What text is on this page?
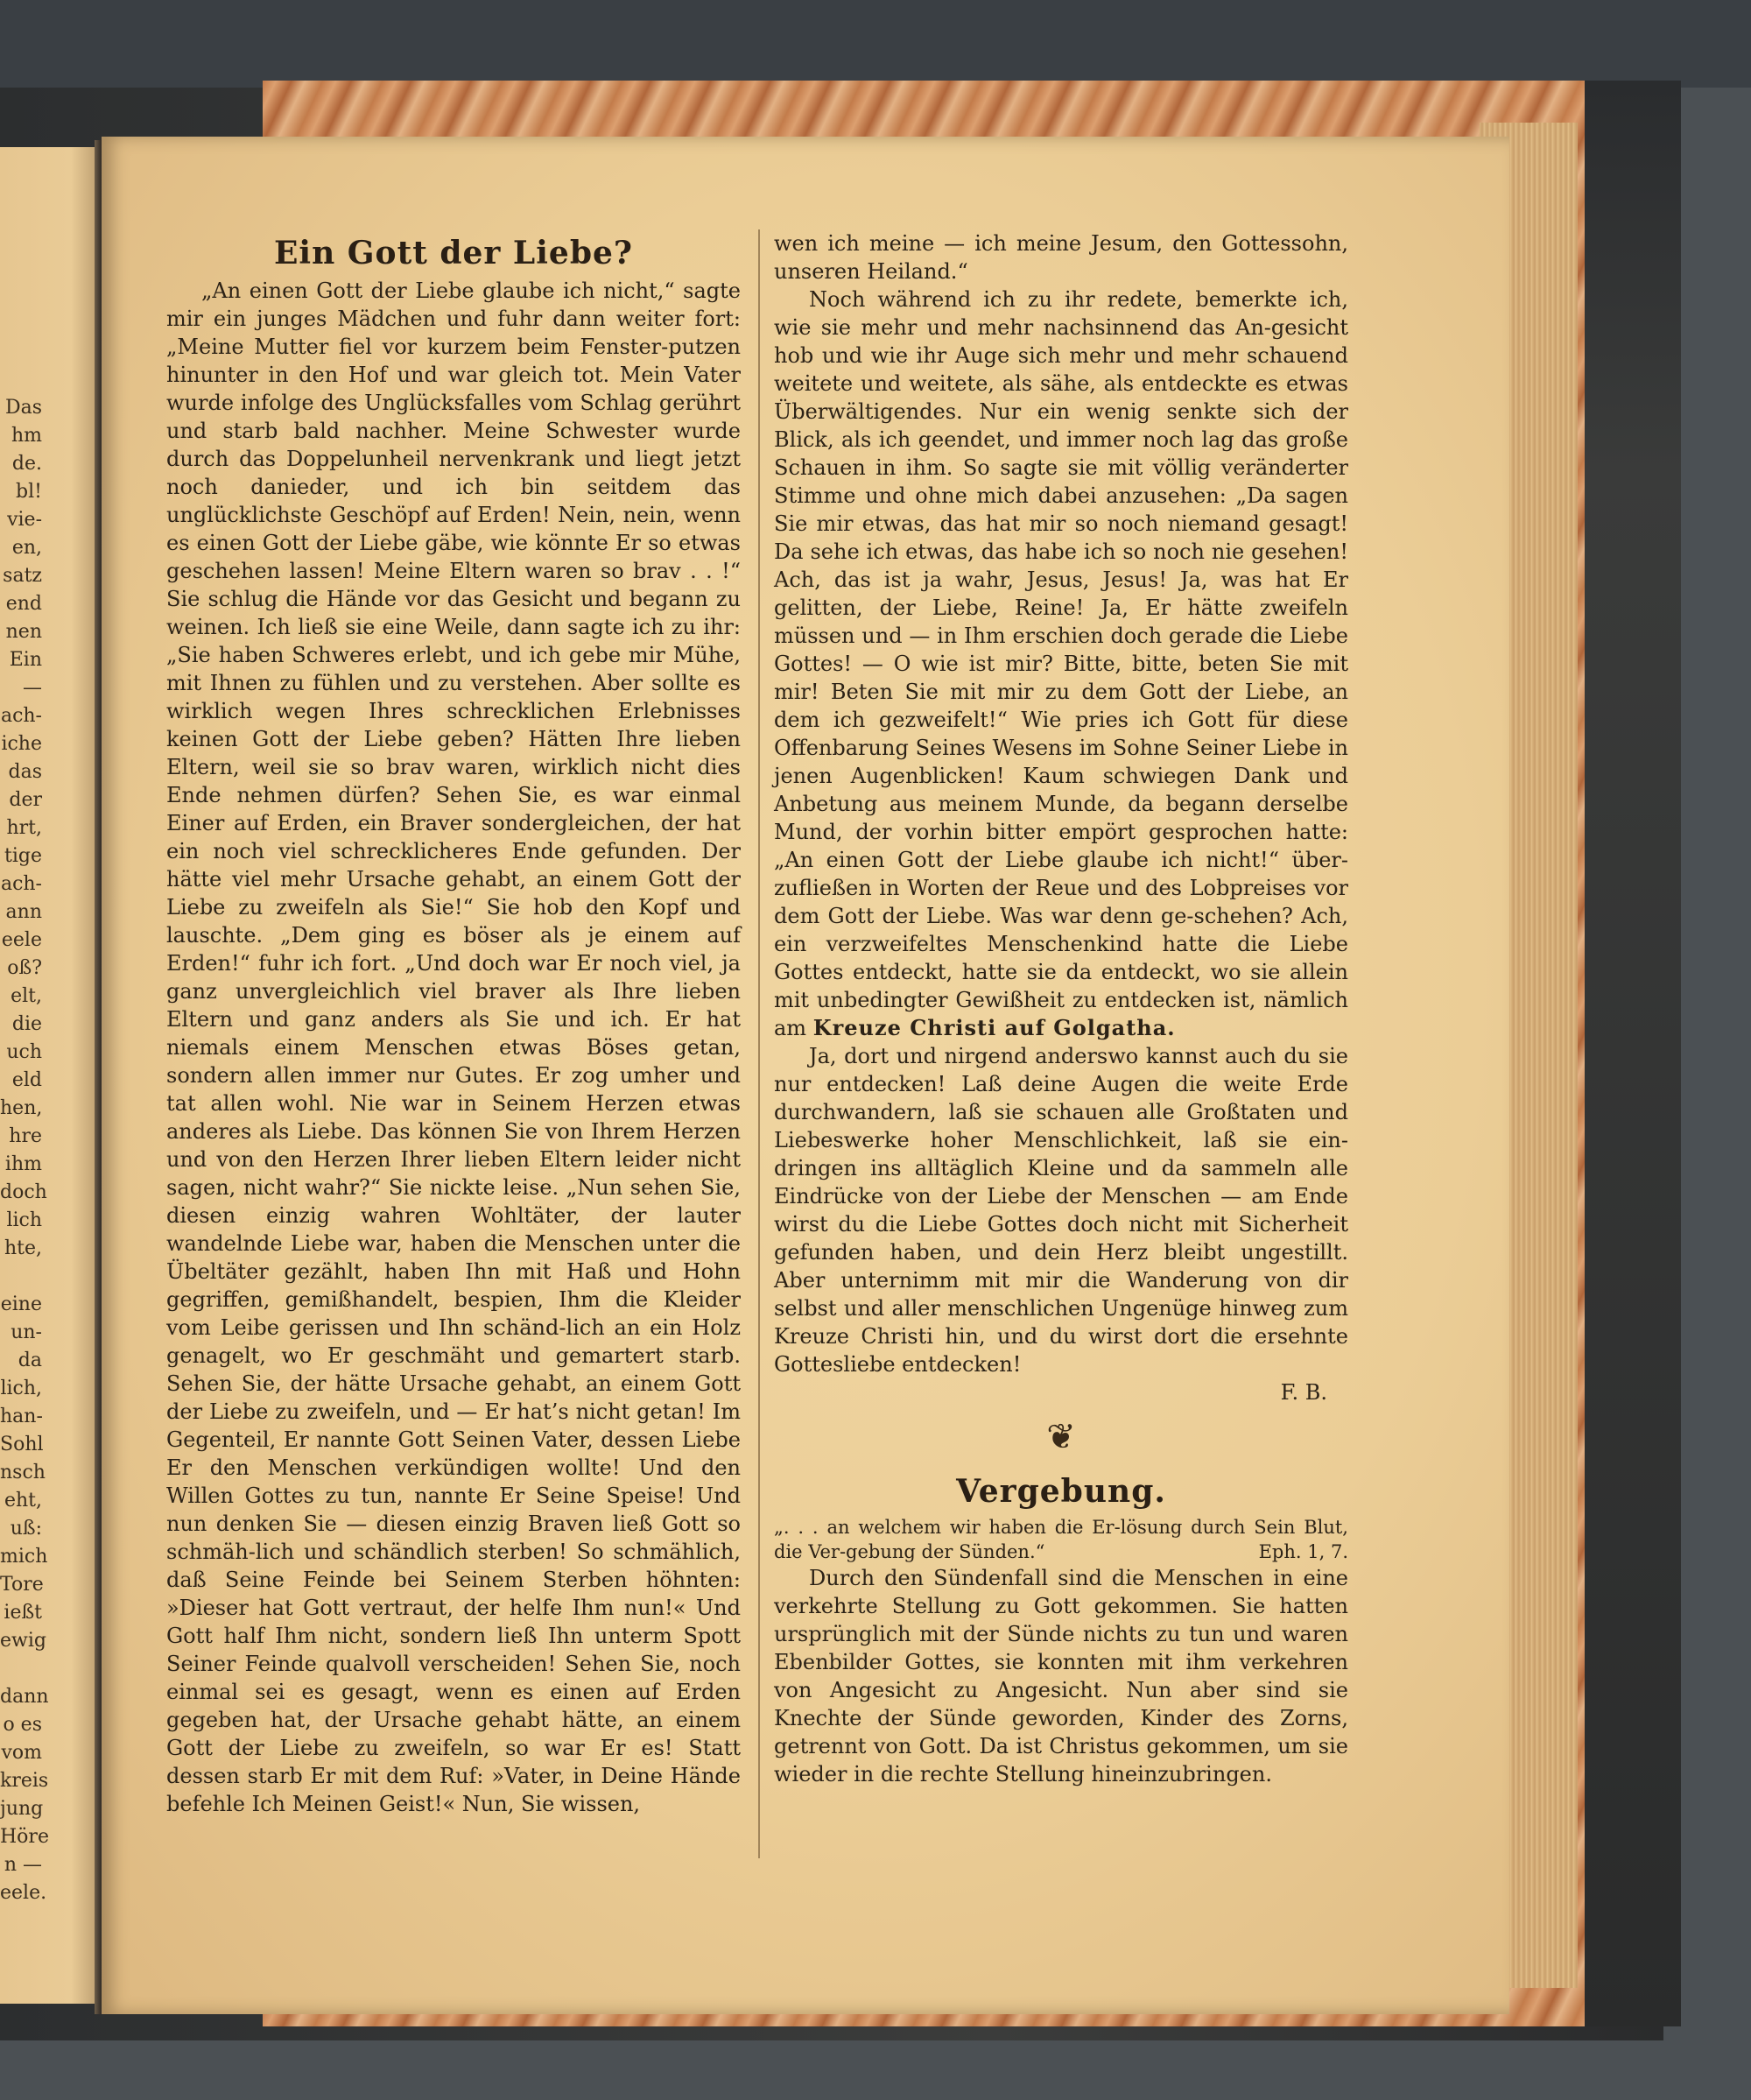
Das
hm
de.
bl!
vie-
en,
satz
end
nen
Ein
—
ach-
iche
das
der
hrt,
tige
ach-
ann
eele
oß?
elt,
die
uch
eld
hen,
hre
ihm
doch
lich
hte,
eine
un-
da
lich,
han-
Sohl
nsch
eht,
uß:
mich
Tore
ießt
ewig
dann
o es
vom
kreis
jung
Höre
n —
eele.
Ein Gott der Liebe?

„An einen Gott der Liebe glaube ich nicht,“ sagte mir ein junges Mädchen und fuhr dann weiter fort: „Meine Mutter fiel vor kurzem beim Fenster-putzen hinunter in den Hof und war gleich tot. Mein Vater wurde infolge des Unglücksfalles vom Schlag gerührt und starb bald nachher. Meine Schwester wurde durch das Doppelunheil nervenkrank und liegt jetzt noch danieder, und ich bin seitdem das unglücklichste Geschöpf auf Erden! Nein, nein, wenn es einen Gott der Liebe gäbe, wie könnte Er so etwas geschehen lassen! Meine Eltern waren so brav . . !“ Sie schlug die Hände vor das Gesicht und begann zu weinen. Ich ließ sie eine Weile, dann sagte ich zu ihr: „Sie haben Schweres erlebt, und ich gebe mir Mühe, mit Ihnen zu fühlen und zu verstehen. Aber sollte es wirklich wegen Ihres schrecklichen Erlebnisses keinen Gott der Liebe geben? Hätten Ihre lieben Eltern, weil sie so brav waren, wirklich nicht dies Ende nehmen dürfen? Sehen Sie, es war einmal Einer auf Erden, ein Braver sondergleichen, der hat ein noch viel schrecklicheres Ende gefunden. Der hätte viel mehr Ursache gehabt, an einem Gott der Liebe zu zweifeln als Sie!“ Sie hob den Kopf und lauschte. „Dem ging es böser als je einem auf Erden!“ fuhr ich fort. „Und doch war Er noch viel, ja ganz unvergleichlich viel braver als Ihre lieben Eltern und ganz anders als Sie und ich. Er hat niemals einem Menschen etwas Böses getan, sondern allen immer nur Gutes. Er zog umher und tat allen wohl. Nie war in Seinem Herzen etwas anderes als Liebe. Das können Sie von Ihrem Herzen und von den Herzen Ihrer lieben Eltern leider nicht sagen, nicht wahr?“ Sie nickte leise. „Nun sehen Sie, diesen einzig wahren Wohltäter, der lauter wandelnde Liebe war, haben die Menschen unter die Übeltäter gezählt, haben Ihn mit Haß und Hohn gegriffen, gemißhandelt, bespien, Ihm die Kleider vom Leibe gerissen und Ihn schänd-lich an ein Holz genagelt, wo Er geschmäht und gemartert starb. Sehen Sie, der hätte Ursache gehabt, an einem Gott der Liebe zu zweifeln, und — Er hat’s nicht getan! Im Gegenteil, Er nannte Gott Seinen Vater, dessen Liebe Er den Menschen verkündigen wollte! Und den Willen Gottes zu tun, nannte Er Seine Speise! Und nun denken Sie — diesen einzig Braven ließ Gott so schmäh-lich und schändlich sterben! So schmählich, daß Seine Feinde bei Seinem Sterben höhnten: »Dieser hat Gott vertraut, der helfe Ihm nun!« Und Gott half Ihm nicht, sondern ließ Ihn unterm Spott Seiner Feinde qualvoll verscheiden! Sehen Sie, noch einmal sei es gesagt, wenn es einen auf Erden gegeben hat, der Ursache gehabt hätte, an einem Gott der Liebe zu zweifeln, so war Er es! Statt dessen starb Er mit dem Ruf: »Vater, in Deine Hände befehle Ich Meinen Geist!« Nun, Sie wissen,

wen ich meine — ich meine Jesum, den Gottessohn, unseren Heiland.“

Noch während ich zu ihr redete, bemerkte ich, wie sie mehr und mehr nachsinnend das An-gesicht hob und wie ihr Auge sich mehr und mehr schauend weitete und weitete, als sähe, als entdeckte es etwas Überwältigendes. Nur ein wenig senkte sich der Blick, als ich geendet, und immer noch lag das große Schauen in ihm. So sagte sie mit völlig veränderter Stimme und ohne mich dabei anzusehen: „Da sagen Sie mir etwas, das hat mir so noch niemand gesagt! Da sehe ich etwas, das habe ich so noch nie gesehen! Ach, das ist ja wahr, Jesus, Jesus! Ja, was hat Er gelitten, der Liebe, Reine! Ja, Er hätte zweifeln müssen und — in Ihm erschien doch gerade die Liebe Gottes! — O wie ist mir? Bitte, bitte, beten Sie mit mir! Beten Sie mit mir zu dem Gott der Liebe, an dem ich gezweifelt!“ Wie pries ich Gott für diese Offenbarung Seines Wesens im Sohne Seiner Liebe in jenen Augenblicken! Kaum schwiegen Dank und Anbetung aus meinem Munde, da begann derselbe Mund, der vorhin bitter empört gesprochen hatte: „An einen Gott der Liebe glaube ich nicht!“ über-zufließen in Worten der Reue und des Lobpreises vor dem Gott der Liebe. Was war denn ge-schehen? Ach, ein verzweifeltes Menschenkind hatte die Liebe Gottes entdeckt, hatte sie da entdeckt, wo sie allein mit unbedingter Gewißheit zu entdecken ist, nämlich am Kreuze Christi auf Golgatha.

Ja, dort und nirgend anderswo kannst auch du sie nur entdecken! Laß deine Augen die weite Erde durchwandern, laß sie schauen alle Großtaten und Liebeswerke hoher Menschlichkeit, laß sie ein-dringen ins alltäglich Kleine und da sammeln alle Eindrücke von der Liebe der Menschen — am Ende wirst du die Liebe Gottes doch nicht mit Sicherheit gefunden haben, und dein Herz bleibt ungestillt. Aber unternimm mit mir die Wanderung von dir selbst und aller menschlichen Ungenüge hinweg zum Kreuze Christi hin, und du wirst dort die ersehnte Gottesliebe entdecken!

F. B.
❦
Vergebung.
„. . . an welchem wir haben die Er-lösung durch Sein Blut, die Ver-gebung der Sünden.“	Eph. 1, 7.

Durch den Sündenfall sind die Menschen in eine verkehrte Stellung zu Gott gekommen. Sie hatten ursprünglich mit der Sünde nichts zu tun und waren Ebenbilder Gottes, sie konnten mit ihm verkehren von Angesicht zu Angesicht. Nun aber sind sie Knechte der Sünde geworden, Kinder des Zorns, getrennt von Gott. Da ist Christus gekommen, um sie wieder in die rechte Stellung hineinzubringen.
